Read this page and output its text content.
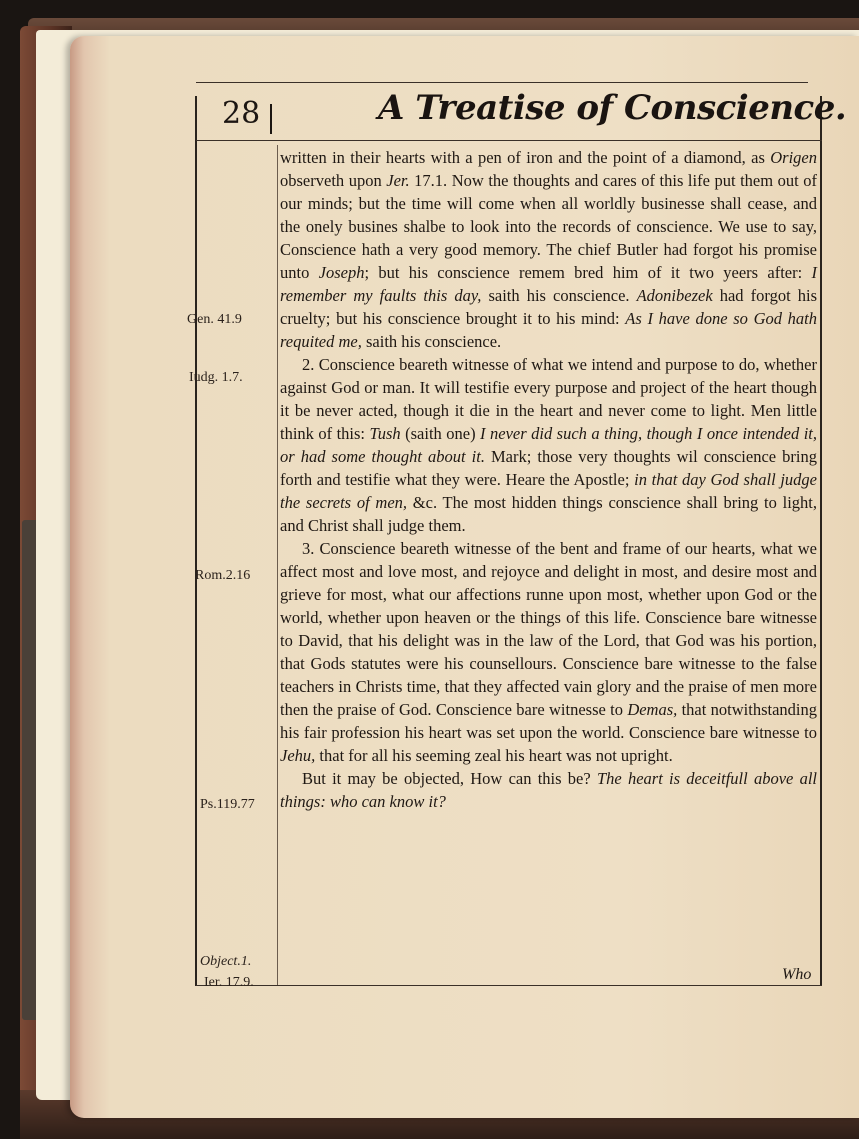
28	A Treatise of Conscience.
Gen. 41.9
Iudg. 1.7.
Rom.2.16
Ps.119.77
Object.1.
Ier. 17.9.

written in their hearts with a pen of iron and the point of a diamond, as Origen observeth upon Jer. 17.1. Now the thoughts and cares of this life put them out of our minds; but the time will come when all worldly businesse shall cease, and the onely busines shalbe to look into the records of conscience. We use to say, Conscience hath a very good memory. The chief Butler had forgot his promise unto Joseph; but his conscience remem bred him of it two yeers after: I remember my faults this day, saith his conscience. Adonibezek had forgot his cruelty; but his conscience brought it to his mind: As I have done so God hath requited me, saith his conscience.

2. Conscience beareth witnesse of what we intend and purpose to do, whether against God or man. It will testifie every purpose and project of the heart though it be never acted, though it die in the heart and never come to light. Men little think of this: Tush (saith one) I never did such a thing, though I once intended it, or had some thought about it. Mark; those very thoughts wil conscience bring forth and testifie what they were. Heare the Apostle; in that day God shall judge the secrets of men, &c. The most hidden things conscience shall bring to light, and Christ shall judge them.

3. Conscience beareth witnesse of the bent and frame of our hearts, what we affect most and love most, and rejoyce and delight in most, and desire most and grieve for most, what our affections runne upon most, whether upon God or the world, whether upon heaven or the things of this life. Conscience bare witnesse to David, that his delight was in the law of the Lord, that God was his portion, that Gods statutes were his counsellours. Conscience bare witnesse to the false teachers in Christs time, that they affected vain glory and the praise of men more then the praise of God. Conscience bare witnesse to Demas, that notwithstanding his fair profession his heart was set upon the world. Conscience bare witnesse to Jehu, that for all his seeming zeal his heart was not upright.

But it may be objected, How can this be? The heart is deceitfull above all things: who can know it?

Who
